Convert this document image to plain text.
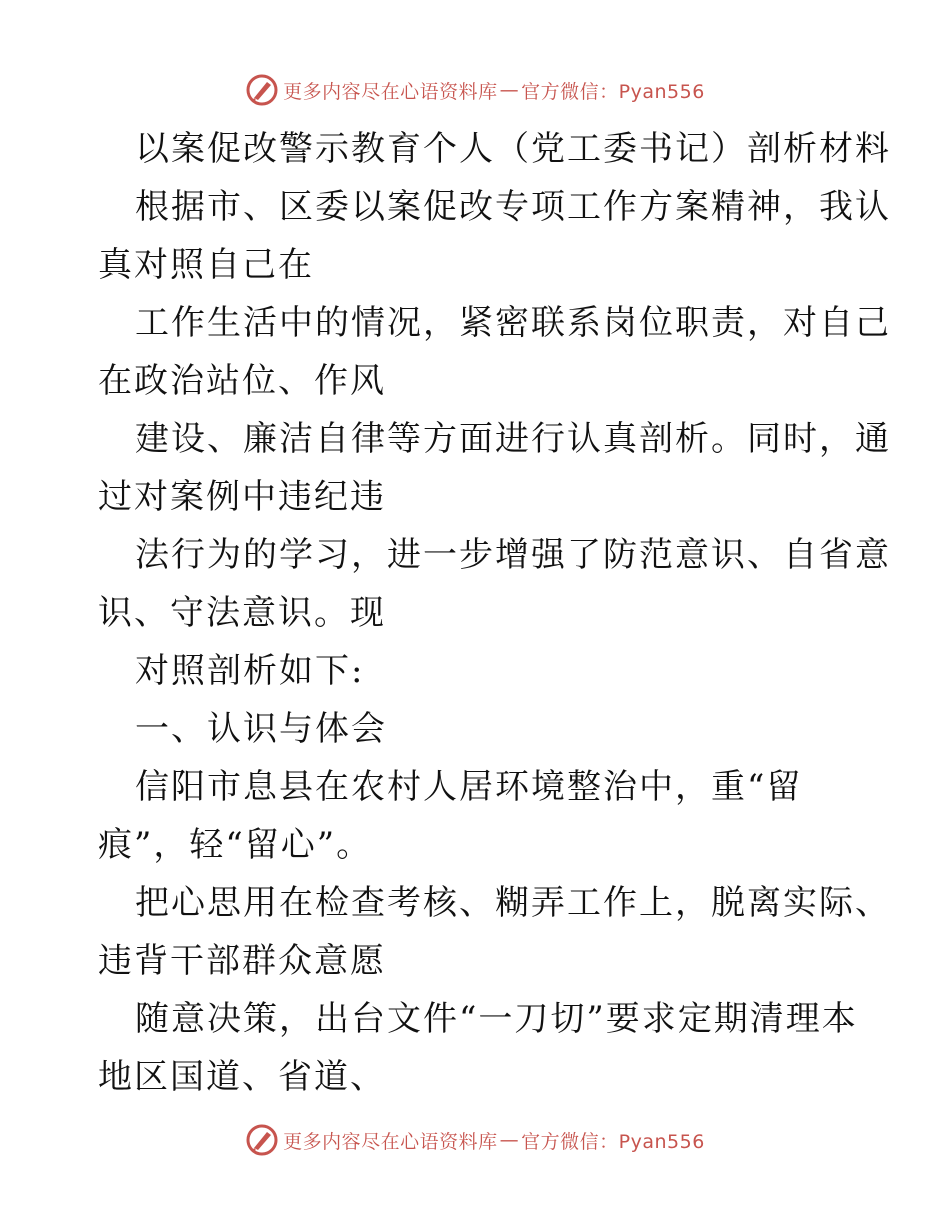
更多内容尽在心语资料库 — 官方微信：Pyan556
以案促改警示教育个人（党工委书记）剖析材料
根据市、区委以案促改专项工作方案精神，我认
真对照自己在
工作生活中的情况，紧密联系岗位职责，对自己
在政治站位、作风
建设、廉洁自律等方面进行认真剖析。同时，通
过对案例中违纪违
法行为的学习，进一步增强了防范意识、自省意
识、守法意识。现
对照剖析如下:
一、认识与体会
信阳市息县在农村人居环境整治中，重“留
痕”，轻“留心”。
把心思用在检查考核、糊弄工作上，脱离实际、
违背干部群众意愿
随意决策，出台文件“一刀切”要求定期清理本
地区国道、省道、
更多内容尽在心语资料库 — 官方微信：Pyan556
